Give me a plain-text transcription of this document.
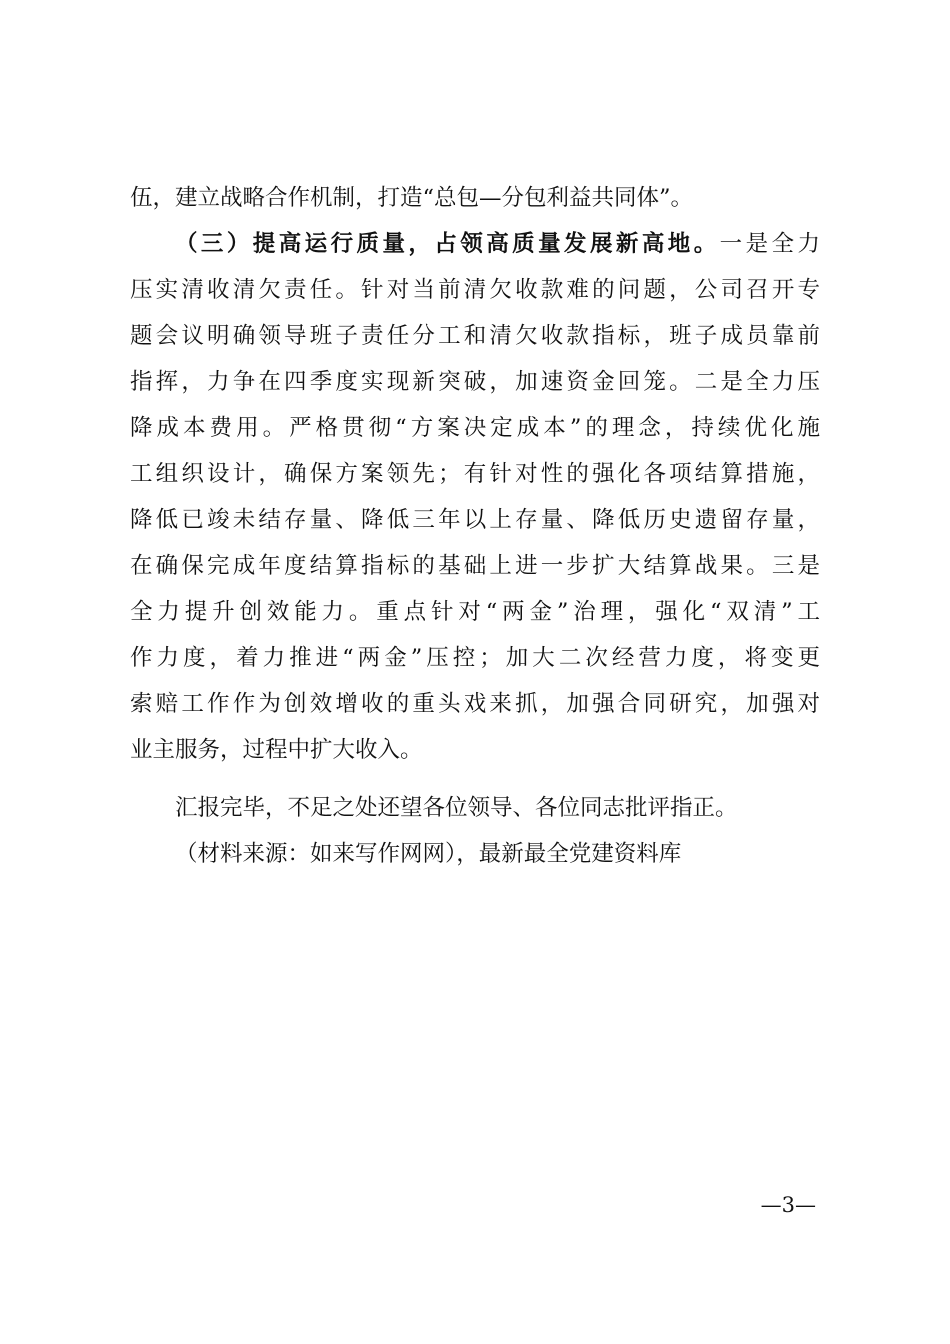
伍，建立战略合作机制，打造“总包—分包利益共同体”。
（三）提高运行质量，占领高质量发展新高地。一是全力
压实清收清欠责任。针对当前清欠收款难的问题，公司召开专
题会议明确领导班子责任分工和清欠收款指标，班子成员靠前
指挥，力争在四季度实现新突破，加速资金回笼。二是全力压
降成本费用。严格贯彻“方案决定成本”的理念，持续优化施
工组织设计，确保方案领先；有针对性的强化各项结算措施，
降低已竣未结存量、降低三年以上存量、降低历史遗留存量，
在确保完成年度结算指标的基础上进一步扩大结算战果。三是
全力提升创效能力。重点针对“两金”治理，强化“双清”工
作力度，着力推进“两金”压控；加大二次经营力度，将变更
索赔工作作为创效增收的重头戏来抓，加强合同研究，加强对
业主服务，过程中扩大收入。
汇报完毕，不足之处还望各位领导、各位同志批评指正。
（材料来源：如来写作网网），最新最全党建资料库
—3—
